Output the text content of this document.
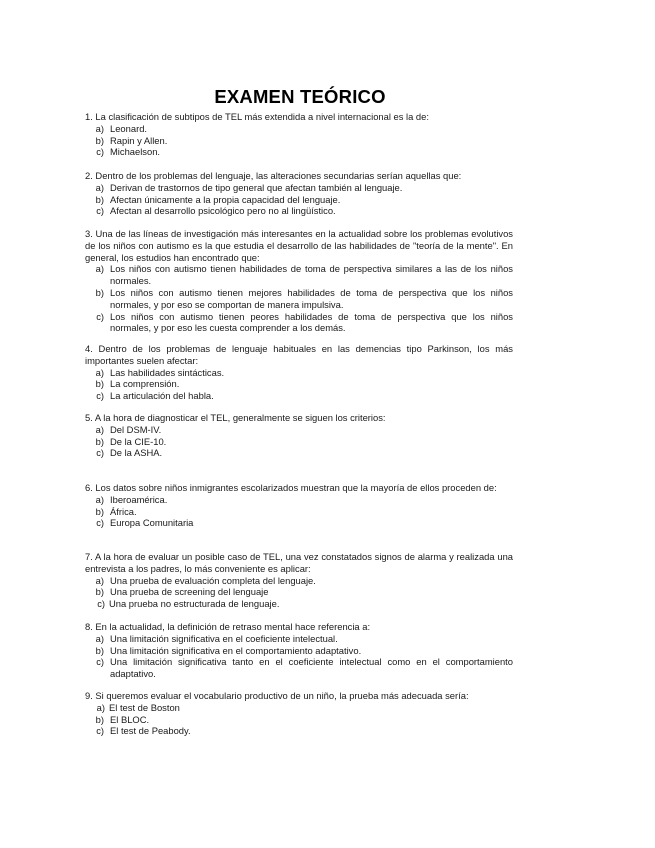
EXAMEN TEÓRICO

1. La clasificación de subtipos de TEL más extendida a nivel internacional es la de:

a) Leonard.
b) Rapin y Allen.
c) Michaelson.

2. Dentro de los problemas del lenguaje, las alteraciones secundarias serían aquellas que:

a) Derivan de trastornos de tipo general que afectan también al lenguaje.
b) Afectan únicamente a la propia capacidad del lenguaje.
c) Afectan al desarrollo psicológico pero no al lingüístico.

3. Una de las líneas de investigación más interesantes en la actualidad sobre los problemas evolutivos de los niños con autismo es la que estudia el desarrollo de las habilidades de "teoría de la mente". En general, los estudios han encontrado que:

a) Los niños con autismo tienen habilidades de toma de perspectiva similares a las de los niños normales.
b) Los niños con autismo tienen mejores habilidades de toma de perspectiva que los niños normales, y por eso se comportan de manera impulsiva.
c) Los niños con autismo tienen peores habilidades de toma de perspectiva que los niños normales, y por eso les cuesta comprender a los demás.

4. Dentro de los problemas de lenguaje habituales en las demencias tipo Parkinson, los más importantes suelen afectar:

a) Las habilidades sintácticas.
b) La comprensión.
c) La articulación del habla.

5. A la hora de diagnosticar el TEL, generalmente se siguen los criterios:

a) Del DSM-IV.
b) De la CIE-10.
c) De la ASHA.

6. Los datos sobre niños inmigrantes escolarizados muestran que la mayoría de ellos proceden de:

a) Iberoamérica.
b) África.
c) Europa Comunitaria

7. A la hora de evaluar un posible caso de TEL, una vez constatados signos de alarma y realizada una entrevista a los padres, lo más conveniente es aplicar:

a) Una prueba de evaluación completa del lenguaje.
b) Una prueba de screening del lenguaje
c) Una prueba no estructurada de lenguaje.

8. En la actualidad, la definición de retraso mental hace referencia a:

a) Una limitación significativa en el coeficiente intelectual.
b) Una limitación significativa en el comportamiento adaptativo.
c) Una limitación significativa tanto en el coeficiente intelectual como en el comportamiento adaptativo.

9. Si queremos evaluar el vocabulario productivo de un niño, la prueba más adecuada sería:

a) El test de Boston
b) El BLOC.
c) El test de Peabody.
